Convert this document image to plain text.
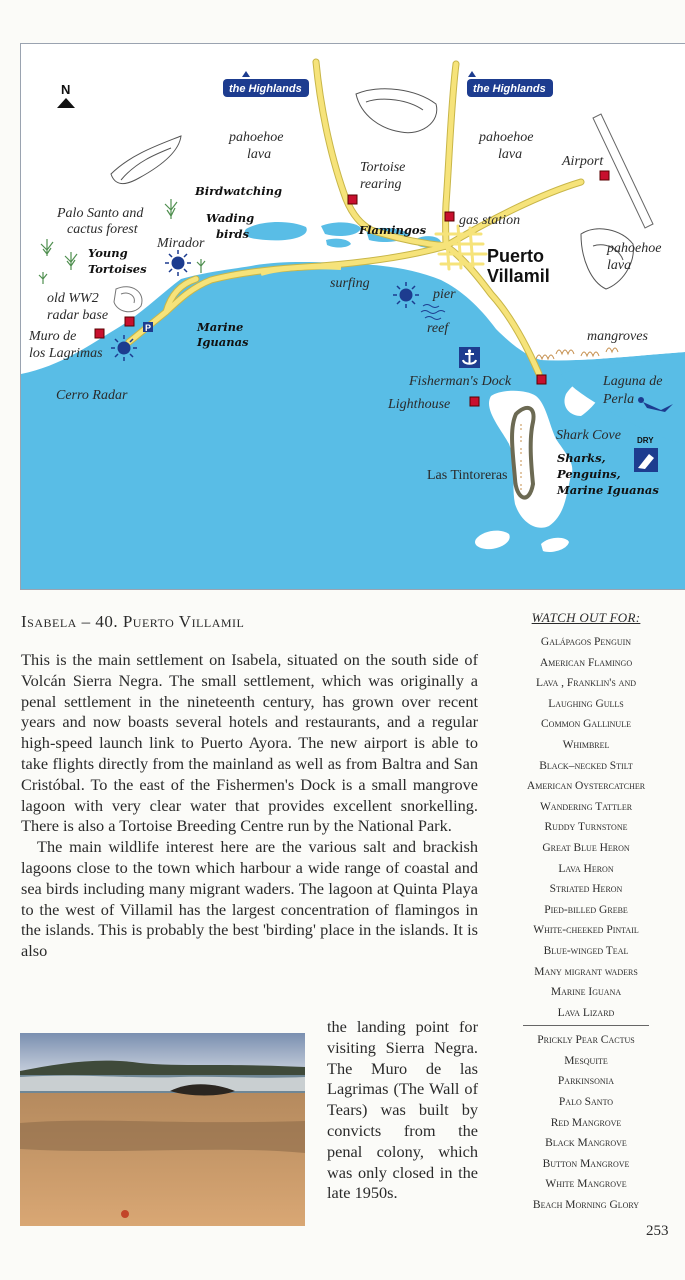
P
DRY
N	the Highlands	the Highlands
pahoehoe
lava
pahoehoe
lava
pahoehoe
lava
Tortoise
rearing
Airport
Birdwatching
Wading
birds
Palo Santo and
cactus forest
Mirador
Flamingos
gas station
Puerto
Villamil
Young
Tortoises
surfing
pier
reef
old WW2
radar base
Muro de
los Lagrimas
Marine
Iguanas	mangroves
Fisherman's Dock	Laguna de
Perla
Cerro Radar
Lighthouse
Shark Cove
Las Tintoreras
Sharks,
Penguins,
Marine Iguanas
Isabela – 40. Puerto Villamil

This is the main settlement on Isabela, situated on the south side of Volcán Sierra Negra. The small settlement, which was originally a penal settlement in the nineteenth century, has grown over recent years and now boasts several hotels and restaurants, and a regular high-speed launch link to Puerto Ayora. The new airport is able to take flights directly from the mainland as well as from Baltra and San Cristóbal. To the east of the Fishermen's Dock is a small mangrove lagoon with very clear water that provides excellent snorkelling. There is also a Tortoise Breeding Centre run by the National Park.

The main wildlife interest here are the various salt and brackish lagoons close to the town which harbour a wide range of coastal and sea birds including many migrant waders. The lagoon at Quinta Playa to the west of Villamil has the largest concentration of flamingos in the islands. This is probably the best 'birding' place in the islands. It is also

the landing point for visiting Sierra Negra. The Muro de las Lagrimas (The Wall of Tears) was built by convicts from the penal colony, which was only closed in the late 1950s.
WATCH OUT FOR:
Galápagos Penguin
American Flamingo
Lava , Franklin's and
Laughing Gulls
Common Gallinule
Whimbrel
Black–necked Stilt
American Oystercatcher
Wandering Tattler
Ruddy Turnstone
Great Blue Heron
Lava Heron
Striated Heron
Pied-billed Grebe
White-cheeked Pintail
Blue-winged Teal
Many migrant waders
Marine Iguana
Lava Lizard
Prickly Pear Cactus
Mesquite
Parkinsonia
Palo Santo
Red Mangrove
Black Mangrove
Button Mangrove
White Mangrove
Beach Morning Glory
253
